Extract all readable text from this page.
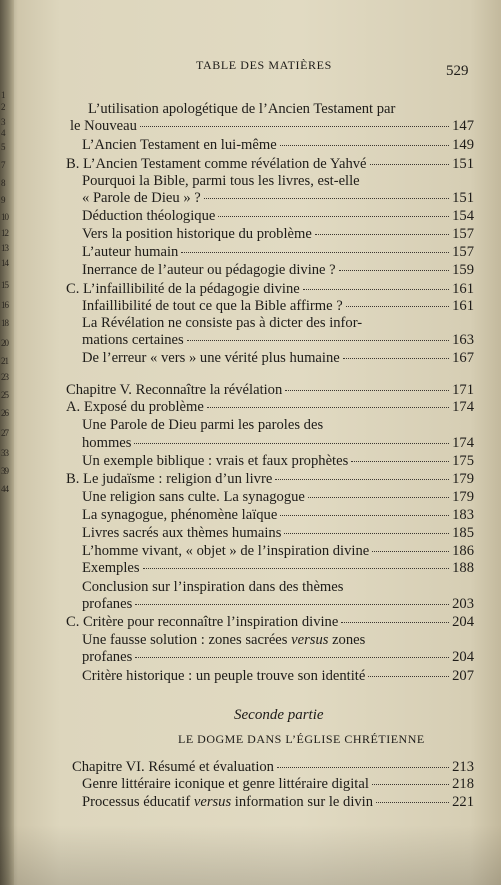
1
2
3
4
5
7
8
9
10
12
13
14
15
16
18
20
21
23
25
26
27
33
39
44
TABLE DES MATIÈRES	529
L’utilisation apologétique de l’Ancien Testament par
le Nouveau	147
L’Ancien Testament en lui-même	149
B. L’Ancien Testament comme révélation de Yahvé	151
Pourquoi la Bible, parmi tous les livres, est-elle
« Parole de Dieu » ?	151
Déduction théologique	154
Vers la position historique du problème	157
L’auteur humain	157
Inerrance de l’auteur ou pédagogie divine ?	159
C. L’infaillibilité de la pédagogie divine	161
Infaillibilité de tout ce que la Bible affirme ?	161
La Révélation ne consiste pas à dicter des infor-
mations certaines	163
De l’erreur « vers » une vérité plus humaine	167
Chapitre V. Reconnaître la révélation	171
A. Exposé du problème	174
Une Parole de Dieu parmi les paroles des
hommes	174
Un exemple biblique : vrais et faux prophètes	175
B. Le judaïsme : religion d’un livre	179
Une religion sans culte. La synagogue	179
La synagogue, phénomène laïque	183
Livres sacrés aux thèmes humains	185
L’homme vivant, « objet » de l’inspiration divine	186
Exemples	188
Conclusion sur l’inspiration dans des thèmes
profanes	203
C. Critère pour reconnaître l’inspiration divine	204
Une fausse solution : zones sacrées versus zones
profanes	204
Critère historique : un peuple trouve son identité	207
Chapitre VI. Résumé et évaluation	213
Genre littéraire iconique et genre littéraire digital	218
Processus éducatif versus information sur le divin	221
Seconde partie
LE DOGME DANS L’ÉGLISE CHRÉTIENNE
